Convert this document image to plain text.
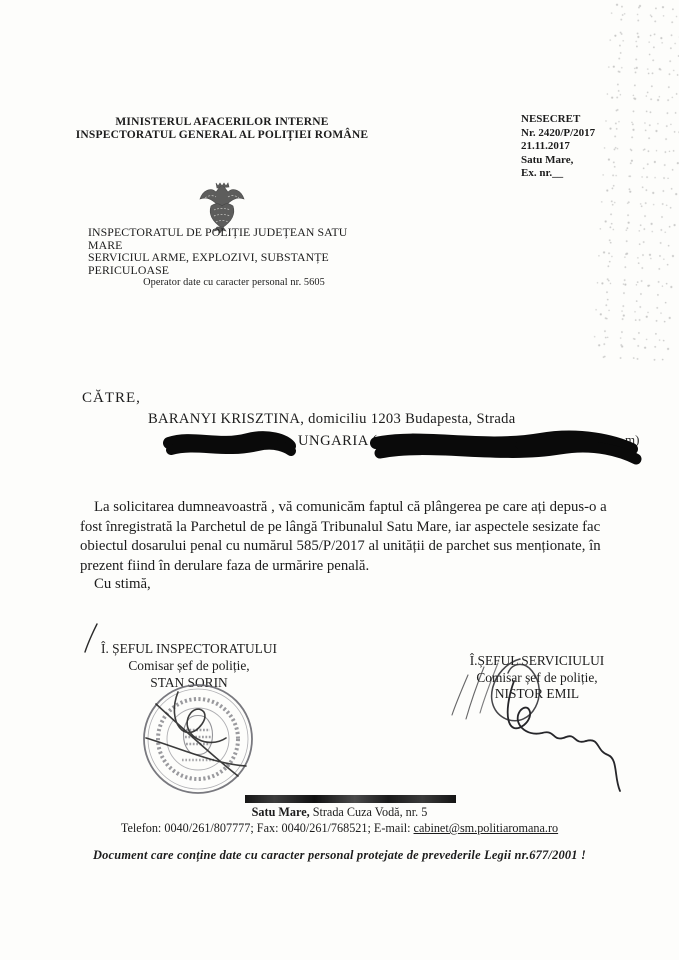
MINISTERUL AFACERILOR INTERNE
INSPECTORATUL GENERAL AL POLIȚIEI ROMÂNE
NESECRET
Nr. 2420/P/2017
21.11.2017
Satu Mare,
Ex. nr.__
INSPECTORATUL DE POLIȚIE JUDEȚEAN SATU MARE
SERVICIUL ARME, EXPLOZIVI, SUBSTANȚE PERICULOASE
Operator date cu caracter personal nr. 5605
CĂTRE,
BARANYI KRISZTINA, domiciliu 1203 Budapesta, Strada
m)
UNGARIA (

La solicitarea dumneavoastră , vă comunicăm faptul că plângerea pe care ați depus-o a fost înregistrată la Parchetul de pe lângă Tribunalul Satu Mare, iar aspectele sesizate fac obiectul dosarului penal cu numărul 585/P/2017 al unității de parchet sus menționate, în prezent fiind în derulare faza de urmărire penală.

Cu stimă,
Î. ȘEFUL INSPECTORATULUI
Comisar șef de poliție,
STAN SORIN
Î.ȘEFUL SERVICIULUI
Comisar șef de poliție,
NISTOR EMIL
Satu Mare, Strada Cuza Vodă, nr. 5
Telefon: 0040/261/807777; Fax: 0040/261/768521; E-mail: cabinet@sm.politiaromana.ro
Document care conține date cu caracter personal protejate de prevederile Legii nr.677/2001 !
